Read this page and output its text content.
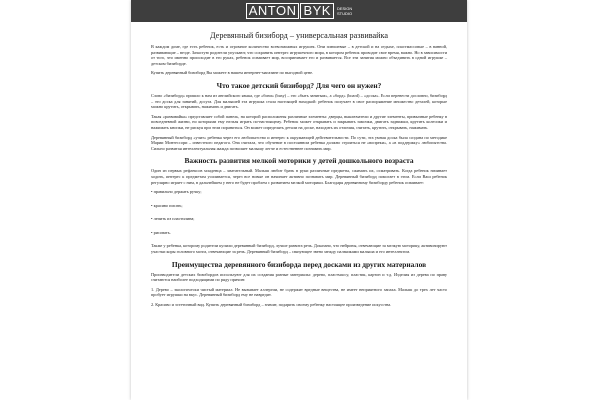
ANTON BYK	DESIGN
STUDIO
Деревянный бизиборд – универсальная развивайка

В каждом доме, где есть ребенок, есть и огромное количество всевозможных игрушек. Они плюшевые – в детской и на отдыхе, пластмассовые – в ванной, развивающие – везде. Зачастую родители упускают, что сохранить интерес игрушечного мира, в котором ребенок проводит свое время, важно. Но в зависимости от того, что именно происходит в его руках, ребенок осваивает мир, воспринимает его и развивается. Все эти занятия можно объединить в одной игрушке – детском бизиборде.

Купить деревянный бизиборд Вы можете в нашем интернет-магазине по выгодной цене.

Что такое детский бизиборд? Для чего он нужен?

Слово «бизиборд» пришло к нам из английского языка, где «бизи» (busy) – это «быть занятым», а «борд» (board) – «доска». Если перевести дословно, бизиборд – это доска для занятий, досуга. Для малышей эта игрушка стала настоящей находкой: ребенок получает в свое распоряжение множество деталей, которые можно крутить, открывать, нажимать и двигать.

Такая «развивайка» представляет собой панель, на которой расположены различные элементы: дверцы, выключатели и другие элементы, привычные ребенку в повседневной жизни, но которыми ему нельзя играть по-настоящему. Ребенок может открывать и закрывать замочки, двигать задвижки, крутить колесики и нажимать кнопки, не рискуя при этом пораниться. Он может определять детали на доске, находить их отличия, считать, крутить, открывать, нажимать.

Деревянный бизиборд «учит» ребенка через его любопытство и интерес к окружающей действительности. По сути, эта умная доска была создана по методике Марии Монтессори – известного педагога. Она считала, что обучение в постоянном ребенка должно строиться не «вопреки», а «в поддержку» любопытства. Сильно развитая интеллектуальная жажда позволяет малышу легче и естественнее познавать мир.

Важность развития мелкой моторики у детей дошкольного возраста

Один из первых рефлексов младенца – хватательный. Малыш любит брать в руки различные предметы, сжимать их, осматривать. Когда ребенок начинает ходить, интерес к предметам усиливается, через все новые он начинает активно познавать мир. Деревянный бизиборд помогает в этом. Если Ваш ребенок регулярно играет с ним, в дальнейшем у него не будет проблем с развитием мелкой моторики. Благодаря деревянному бизиборду ребенок осваивает:

• правильно держать ручку;
• красиво писать;
• лепить из пластилина;
• рисовать.

Также у ребенка, которому родители купили деревянный бизиборд, лучше развита речь. Доказано, что нейроны, отвечающие за мелкую моторику, активизируют участки коры головного мозга, отвечающие за речь. Деревянный бизиборд – связующее звено между пальчиками малыша и его интеллектом.

Преимущества деревянного бизиборда перед досками из других материалов

Производители детских бизибордов используют для их создания разные материалы: дерево, пластмассу, пластик, картон и т.д. Изделия из дерева по праву считаются наиболее подходящими по ряду причин:

1. Дерево – экологически чистый материал. Не вызывает аллергии, не содержит вредные вещества, не имеет неприятного запаха. Малыш до трех лет часто пробует игрушки на вкус. Деревянный бизиборд ему не навредит.

2. Красиво и эстетичный вид. Купить деревянный бизиборд – значит, подарить своему ребенку настоящее произведение искусства.
